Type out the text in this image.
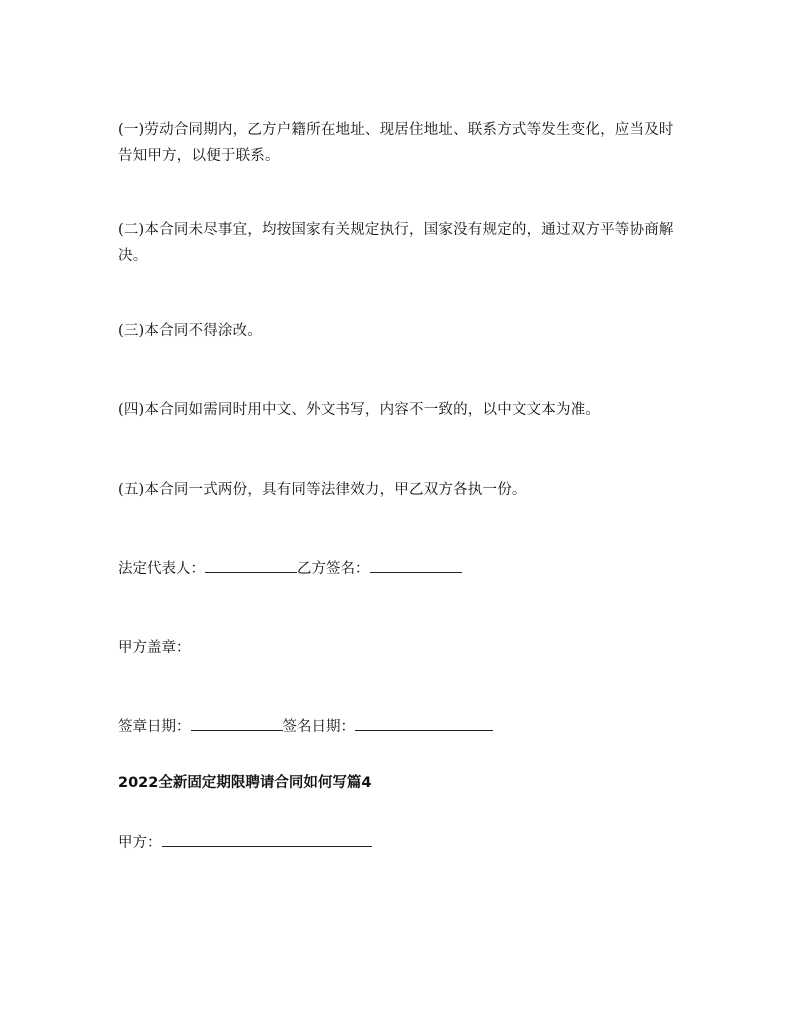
(一)劳动合同期内，乙方户籍所在地址、现居住地址、联系方式等发生变化，应当及时告知甲方，以便于联系。
(二)本合同未尽事宜，均按国家有关规定执行，国家没有规定的，通过双方平等协商解决。
(三)本合同不得涂改。
(四)本合同如需同时用中文、外文书写，内容不一致的，以中文文本为准。
(五)本合同一式两份，具有同等法律效力，甲乙双方各执一份。
法定代表人：	乙方签名：
甲方盖章：
签章日期：	签名日期：
2022全新固定期限聘请合同如何写篇4
甲方：
